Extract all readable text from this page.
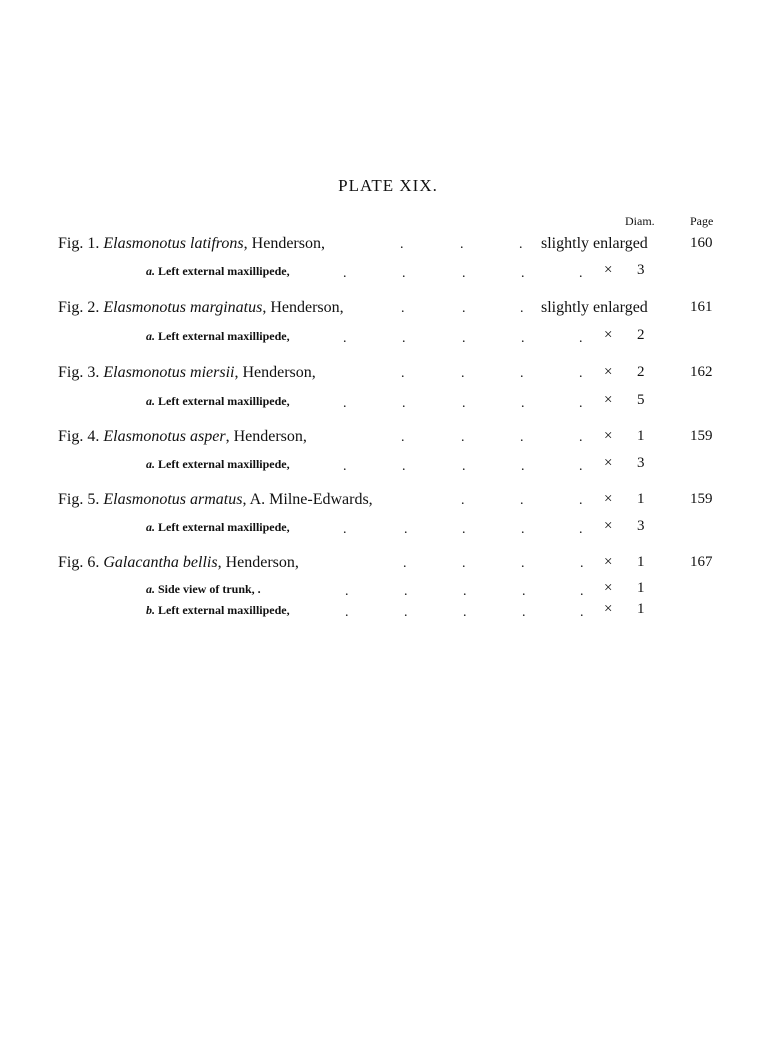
PLATE XIX.
Diam.	Page
Fig. 1. Elasmonotus latifrons, Henderson,	.	.	. slightly enlarged	160
a. Left external maxillipede,	.	.	.	.	. × 3
Fig. 2. Elasmonotus marginatus, Henderson,	.	.	. slightly enlarged	161
a. Left external maxillipede,	.	.	.	.	. × 2
Fig. 3. Elasmonotus miersii, Henderson,	.	.	.	. × 2	162
a. Left external maxillipede,	.	.	.	.	. × 5
Fig. 4. Elasmonotus asper, Henderson,	.	.	.	. × 1	159
a. Left external maxillipede,	.	.	.	.	. × 3
Fig. 5. Elasmonotus armatus, A. Milne-Edwards,	.	.	. × 1	159
a. Left external maxillipede,	.	.	.	.	. × 3
Fig. 6. Galacantha bellis, Henderson,	.	.	.	. × 1	167
a. Side view of trunk, .	.	.	.	.	. × 1
b. Left external maxillipede,	.	.	.	.	. × 1
